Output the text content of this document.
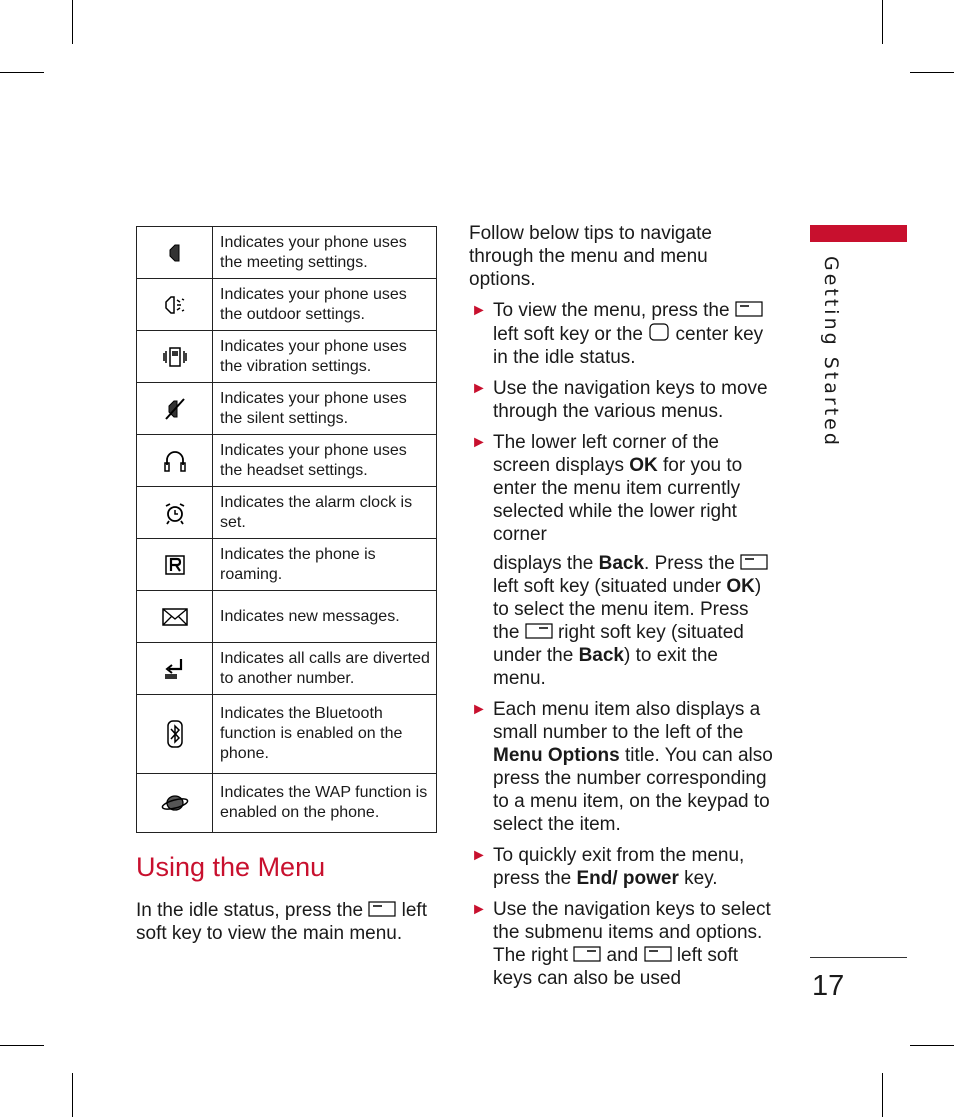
	Indicates your phone uses the meeting settings.

	Indicates your phone uses the outdoor settings.

	Indicates your phone uses the vibration settings.

	Indicates your phone uses the silent settings.

	Indicates your phone uses the headset settings.

	Indicates the alarm clock is set.

	Indicates the phone is roaming.

	Indicates new messages.

	Indicates all calls are diverted to another number.

	Indicates the Bluetooth function is enabled on the phone.

	Indicates the WAP function is enabled on the phone.
Using the Menu

In the idle status, press the left soft key to view the main menu.

Follow below tips to navigate through the menu and menu options.

► To view the menu, press the  left soft key or the center key in the idle status.
► Use the navigation keys to move through the various menus.
► The lower left corner of the screen displays OK for you to enter the menu item currently selected while the lower right corner
displays the Back. Press the  left soft key (situated under OK) to select the menu item. Press the right soft key (situated under the Back) to exit the menu.
► Each menu item also displays a small number to the left of the Menu Options title. You can also press the number corresponding to a menu item, on the keypad to select the item.
► To quickly exit from the menu, press the End/ power key.
► Use the navigation keys to select the submenu items and options. The right and left soft keys can also be used
Getting Started
17
